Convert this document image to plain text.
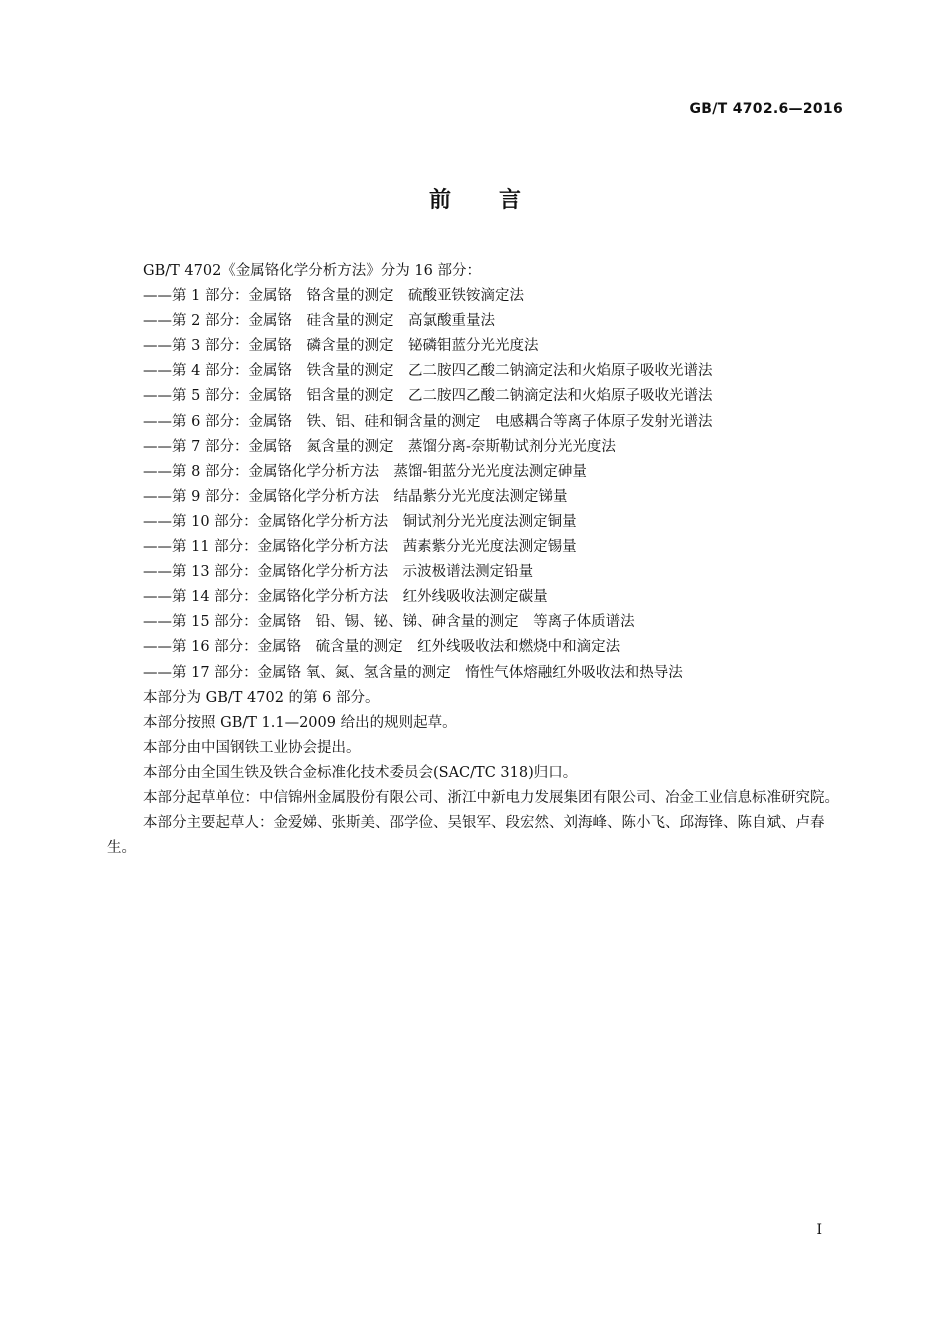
GB/T 4702.6—2016
前言

GB/T 4702《金属铬化学分析方法》分为 16 部分：

——第 1 部分：金属铬　铬含量的测定　硫酸亚铁铵滴定法

——第 2 部分：金属铬　硅含量的测定　高氯酸重量法

——第 3 部分：金属铬　磷含量的测定　铋磷钼蓝分光光度法

——第 4 部分：金属铬　铁含量的测定　乙二胺四乙酸二钠滴定法和火焰原子吸收光谱法

——第 5 部分：金属铬　铝含量的测定　乙二胺四乙酸二钠滴定法和火焰原子吸收光谱法

——第 6 部分：金属铬　铁、铝、硅和铜含量的测定　电感耦合等离子体原子发射光谱法

——第 7 部分：金属铬　氮含量的测定　蒸馏分离-奈斯勒试剂分光光度法

——第 8 部分：金属铬化学分析方法　蒸馏-钼蓝分光光度法测定砷量

——第 9 部分：金属铬化学分析方法　结晶紫分光光度法测定锑量

——第 10 部分：金属铬化学分析方法　铜试剂分光光度法测定铜量

——第 11 部分：金属铬化学分析方法　茜素紫分光光度法测定锡量

——第 13 部分：金属铬化学分析方法　示波极谱法测定铅量

——第 14 部分：金属铬化学分析方法　红外线吸收法测定碳量

——第 15 部分：金属铬　铅、锡、铋、锑、砷含量的测定　等离子体质谱法

——第 16 部分：金属铬　硫含量的测定　红外线吸收法和燃烧中和滴定法

——第 17 部分：金属铬 氧、氮、氢含量的测定　惰性气体熔融红外吸收法和热导法

本部分为 GB/T 4702 的第 6 部分。

本部分按照 GB/T 1.1—2009 给出的规则起草。

本部分由中国钢铁工业协会提出。

本部分由全国生铁及铁合金标准化技术委员会(SAC/TC 318)归口。

本部分起草单位：中信锦州金属股份有限公司、浙江中新电力发展集团有限公司、冶金工业信息标准研究院。

本部分主要起草人：金爱娣、张斯美、邵学俭、吴银军、段宏然、刘海峰、陈小飞、邱海锋、陈自斌、卢春生。

I
